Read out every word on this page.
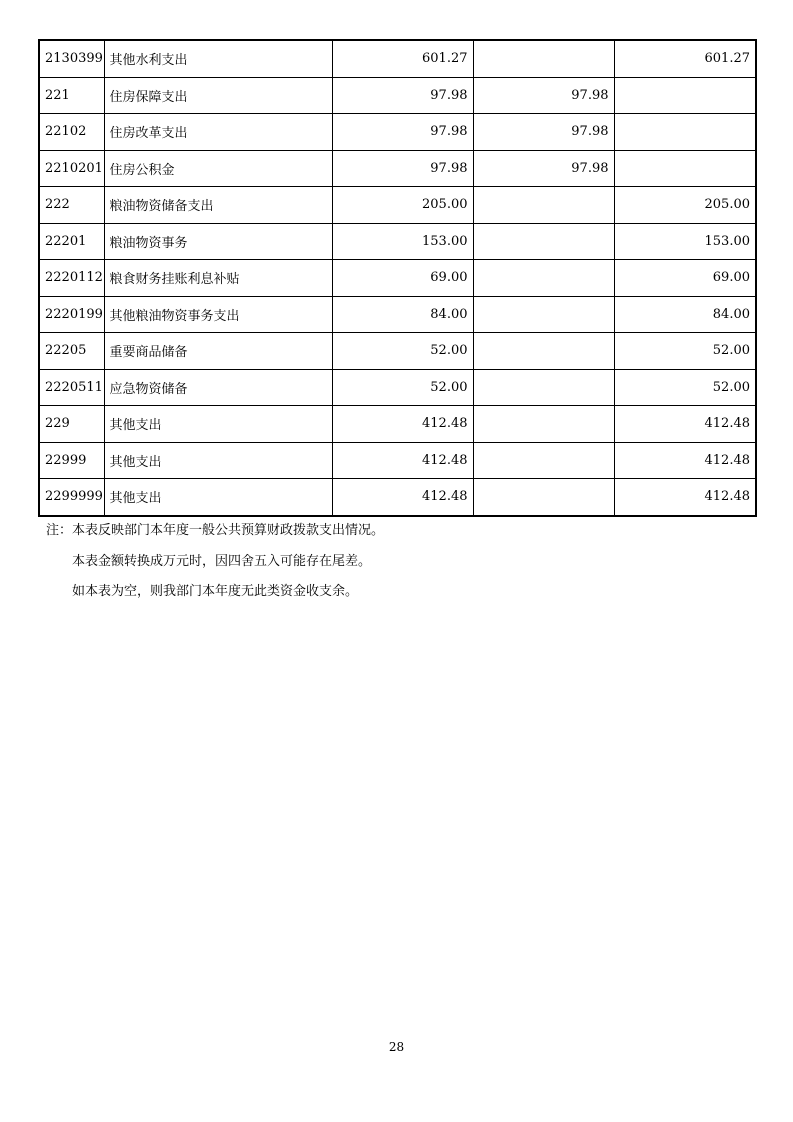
2130399	其他水利支出	601.27		601.27
221	住房保障支出	97.98	97.98	
22102	住房改革支出	97.98	97.98	
2210201	住房公积金	97.98	97.98	
222	粮油物资储备支出	205.00		205.00
22201	粮油物资事务	153.00		153.00
2220112	粮食财务挂账利息补贴	69.00		69.00
2220199	其他粮油物资事务支出	84.00		84.00
22205	重要商品储备	52.00		52.00
2220511	应急物资储备	52.00		52.00
229	其他支出	412.48		412.48
22999	其他支出	412.48		412.48
2299999	其他支出	412.48		412.48
注：本表反映部门本年度一般公共预算财政拨款支出情况。
本表金额转换成万元时，因四舍五入可能存在尾差。
如本表为空，则我部门本年度无此类资金收支余。
28
